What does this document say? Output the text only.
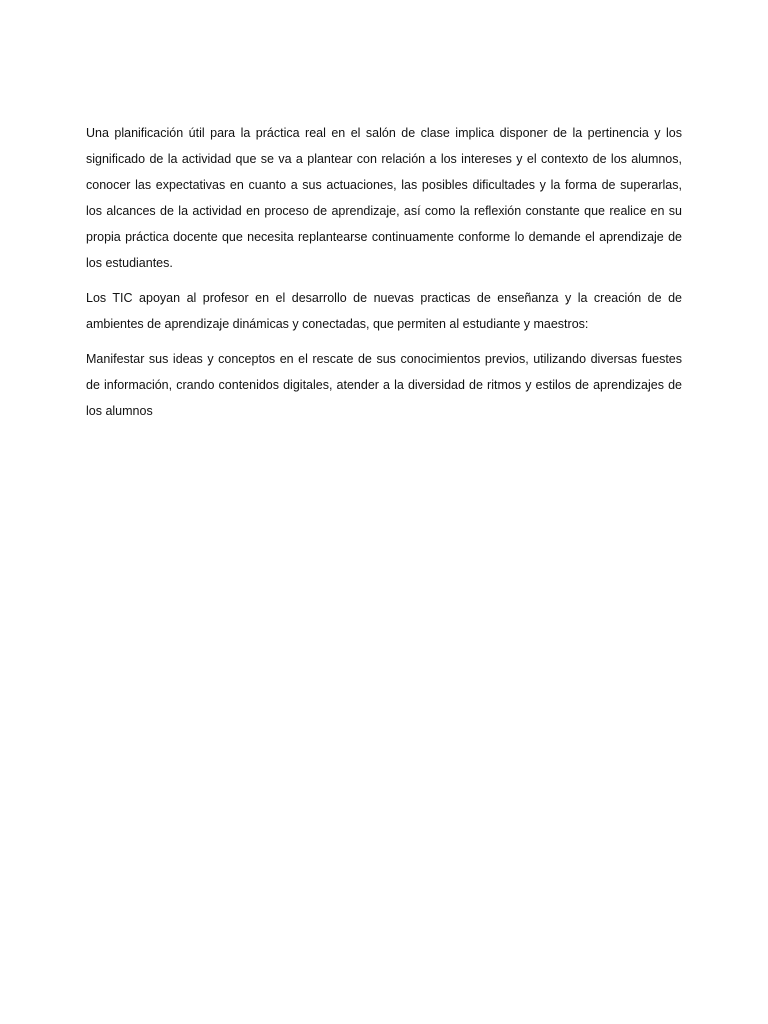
Una planificación útil para la práctica real en el salón de clase implica disponer de la pertinencia y los significado de la actividad que se va a plantear con relación a los intereses y el contexto de los alumnos, conocer las expectativas en cuanto a sus actuaciones, las posibles dificultades y la forma de superarlas, los alcances de la actividad en proceso de aprendizaje, así como la reflexión constante que realice en su propia práctica docente que necesita replantearse continuamente conforme lo demande el aprendizaje de los estudiantes.

Los TIC apoyan al profesor en el desarrollo de nuevas practicas de enseñanza y la creación de de ambientes de aprendizaje dinámicas y conectadas, que permiten al estudiante y maestros:

Manifestar sus ideas y conceptos en el rescate de sus conocimientos previos, utilizando diversas fuestes de información, crando contenidos digitales, atender a la diversidad de ritmos y estilos de aprendizajes de los alumnos
